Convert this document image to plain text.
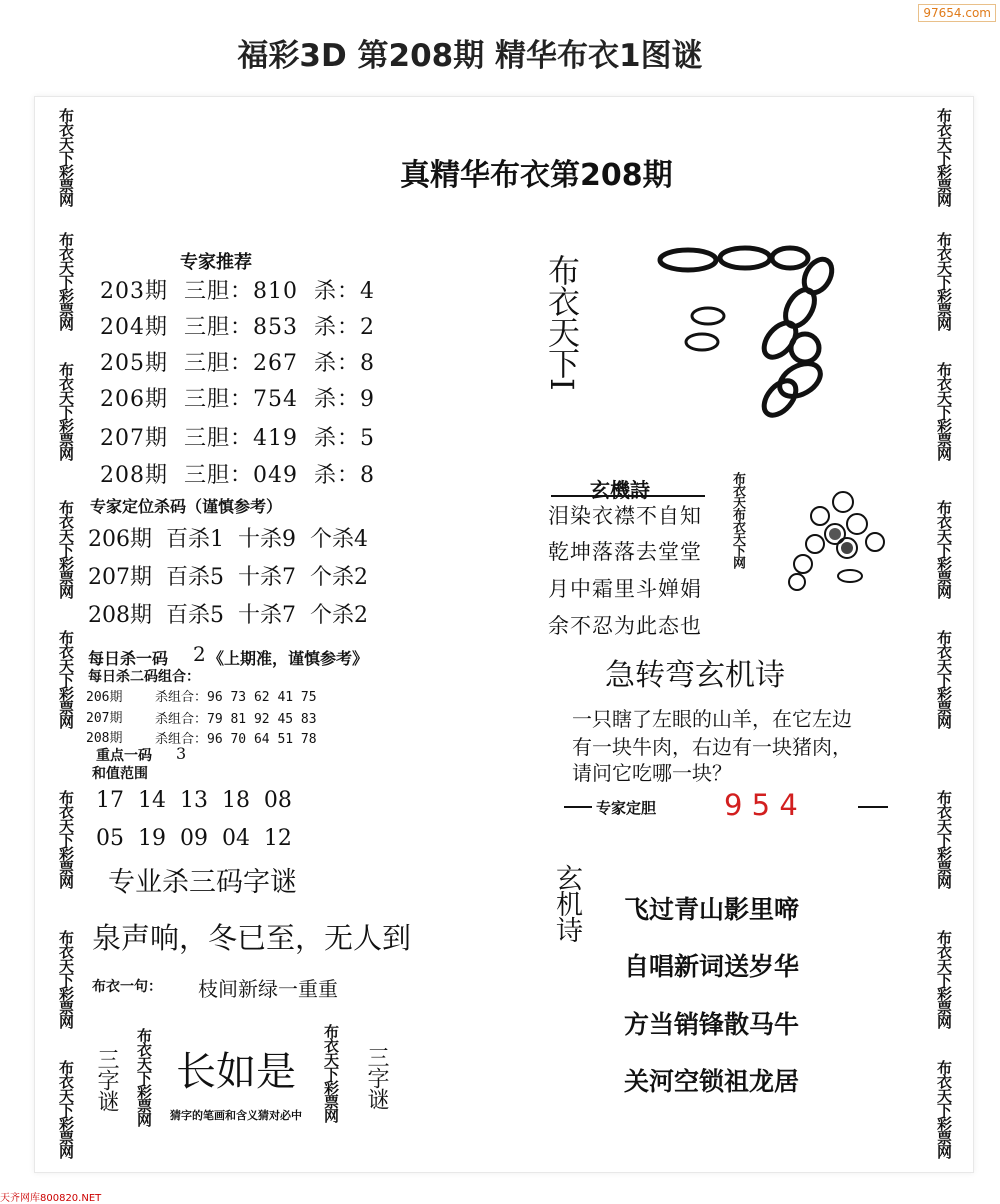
97654.com
福彩3D 第208期 精华布衣1图谜
布衣天下彩票网
布衣天下彩票网
布衣天下彩票网
布衣天下彩票网
布衣天下彩票网
布衣天下彩票网
布衣天下彩票网
布衣天下彩票网
布衣天下彩票网
布衣天下彩票网
布衣天下彩票网
布衣天下彩票网
布衣天下彩票网
布衣天下彩票网
布衣天下彩票网
布衣天下彩票网
真精华布衣第208期
专家推荐
203期  三胆：810  杀：4
204期  三胆：853  杀：2
205期  三胆：267  杀：8
206期  三胆：754  杀：9
207期  三胆：419  杀：5
208期  三胆：049  杀：8
专家定位杀码（谨慎参考）
206期  百杀1  十杀9  个杀4
207期  百杀5  十杀7  个杀2
208期  百杀5  十杀7  个杀2
每日杀一码 2 《上期准，谨慎参考》
每日杀二码组合：
206期	杀组合：96 73 62 41 75
207期	杀组合：79 81 92 45 83
208期	杀组合：96 70 64 51 78
重点一码 3
和值范围
17  14  13  18  08
05  19  09  04  12
专业杀三码字谜
泉声响，冬已至，无人到
布衣一句： 枝间新绿一重重
三字谜 布衣天下彩票网 长如是
猜字的笔画和含义猜对必中	布衣天下彩票网 三字谜
布衣天下I
玄機詩
泪染衣襟不自知
乾坤落落去堂堂
月中霜里斗婵娟
余不忍为此态也
布衣天布衣天下网
急转弯玄机诗
一只瞎了左眼的山羊，在它左边
有一块牛肉，右边有一块猪肉，
请问它吃哪一块？
专家定胆 9 5 4
玄机诗 飞过青山影里啼
自唱新词送岁华
方当销锋散马牛
关河空锁祖龙居
天齐网库800820.NET
